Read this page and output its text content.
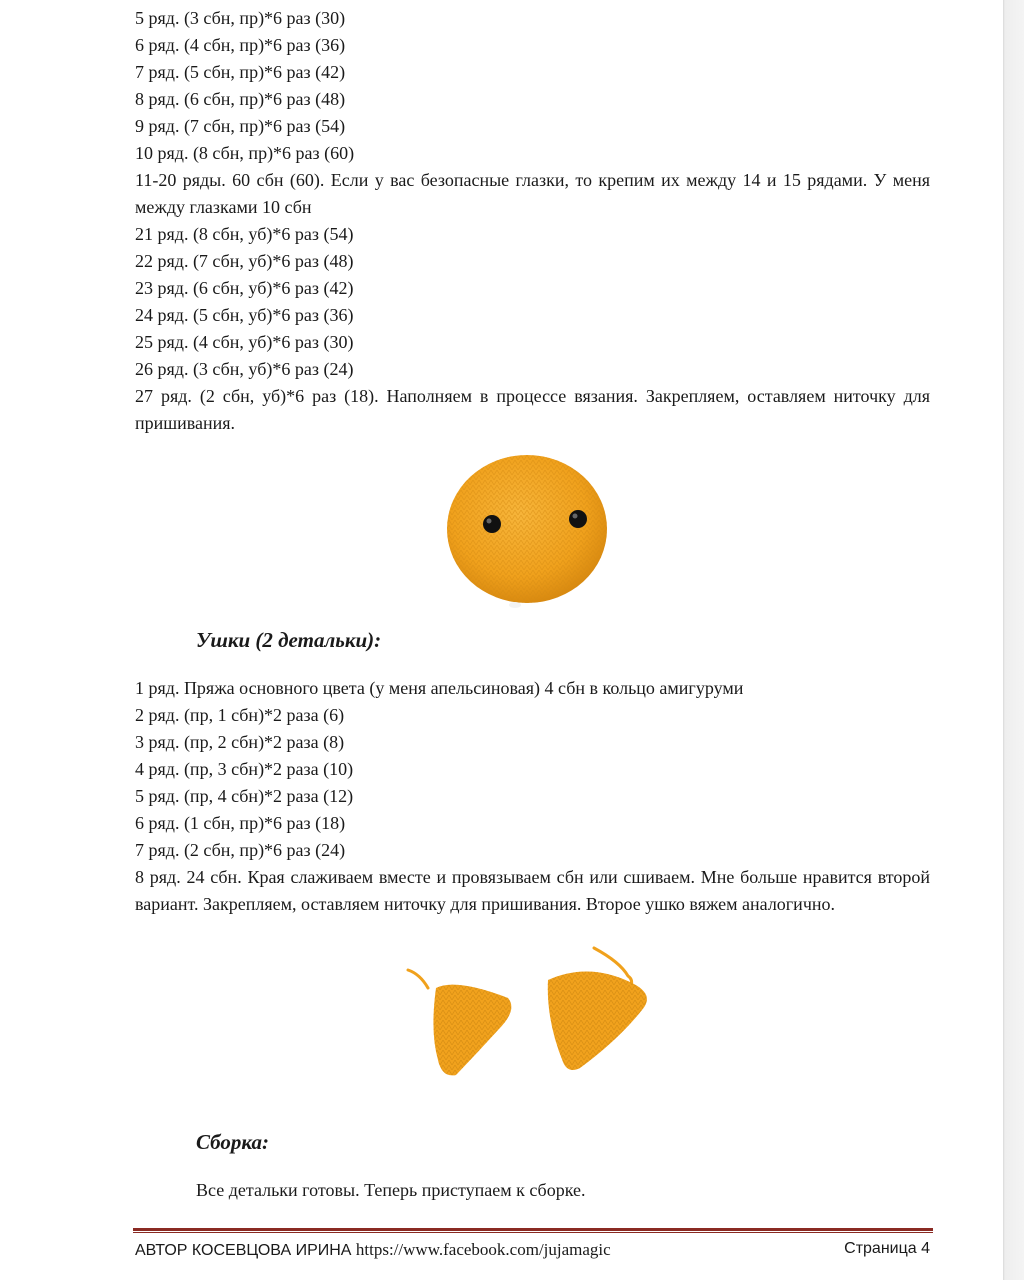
5 ряд. (3 сбн, пр)*6 раз (30)
6 ряд. (4 сбн, пр)*6 раз (36)
7 ряд. (5 сбн, пр)*6 раз (42)
8 ряд. (6 сбн, пр)*6 раз (48)
9 ряд. (7 сбн, пр)*6 раз (54)
10 ряд. (8 сбн, пр)*6 раз (60)
11-20 ряды. 60 сбн (60). Если у вас безопасные глазки, то крепим их между 14 и 15 рядами. У меня между глазками 10 сбн
21 ряд. (8 сбн, уб)*6 раз (54)
22 ряд. (7 сбн, уб)*6 раз (48)
23 ряд. (6 сбн, уб)*6 раз (42)
24 ряд. (5 сбн, уб)*6 раз (36)
25 ряд. (4 сбн, уб)*6 раз (30)
26 ряд. (3 сбн, уб)*6 раз (24)
27 ряд. (2 сбн, уб)*6 раз (18). Наполняем в процессе вязания. Закрепляем, оставляем ниточку для пришивания.
Ушки (2 детальки):
1 ряд. Пряжа основного цвета (у меня апельсиновая) 4 сбн в кольцо амигуруми
2 ряд. (пр, 1 сбн)*2 раза (6)
3 ряд. (пр, 2 сбн)*2 раза (8)
4 ряд. (пр, 3 сбн)*2 раза (10)
5 ряд. (пр, 4 сбн)*2 раза (12)
6 ряд. (1 сбн, пр)*6 раз (18)
7 ряд. (2 сбн, пр)*6 раз (24)
8 ряд. 24 сбн. Края слаживаем вместе и провязываем сбн или сшиваем. Мне больше нравится второй вариант. Закрепляем, оставляем ниточку для пришивания. Второе ушко вяжем аналогично.
Сборка:
Все детальки готовы. Теперь приступаем к сборке.
АВТОР КОСЕВЦОВА ИРИНА https://www.facebook.com/jujamagic	Страница 4
